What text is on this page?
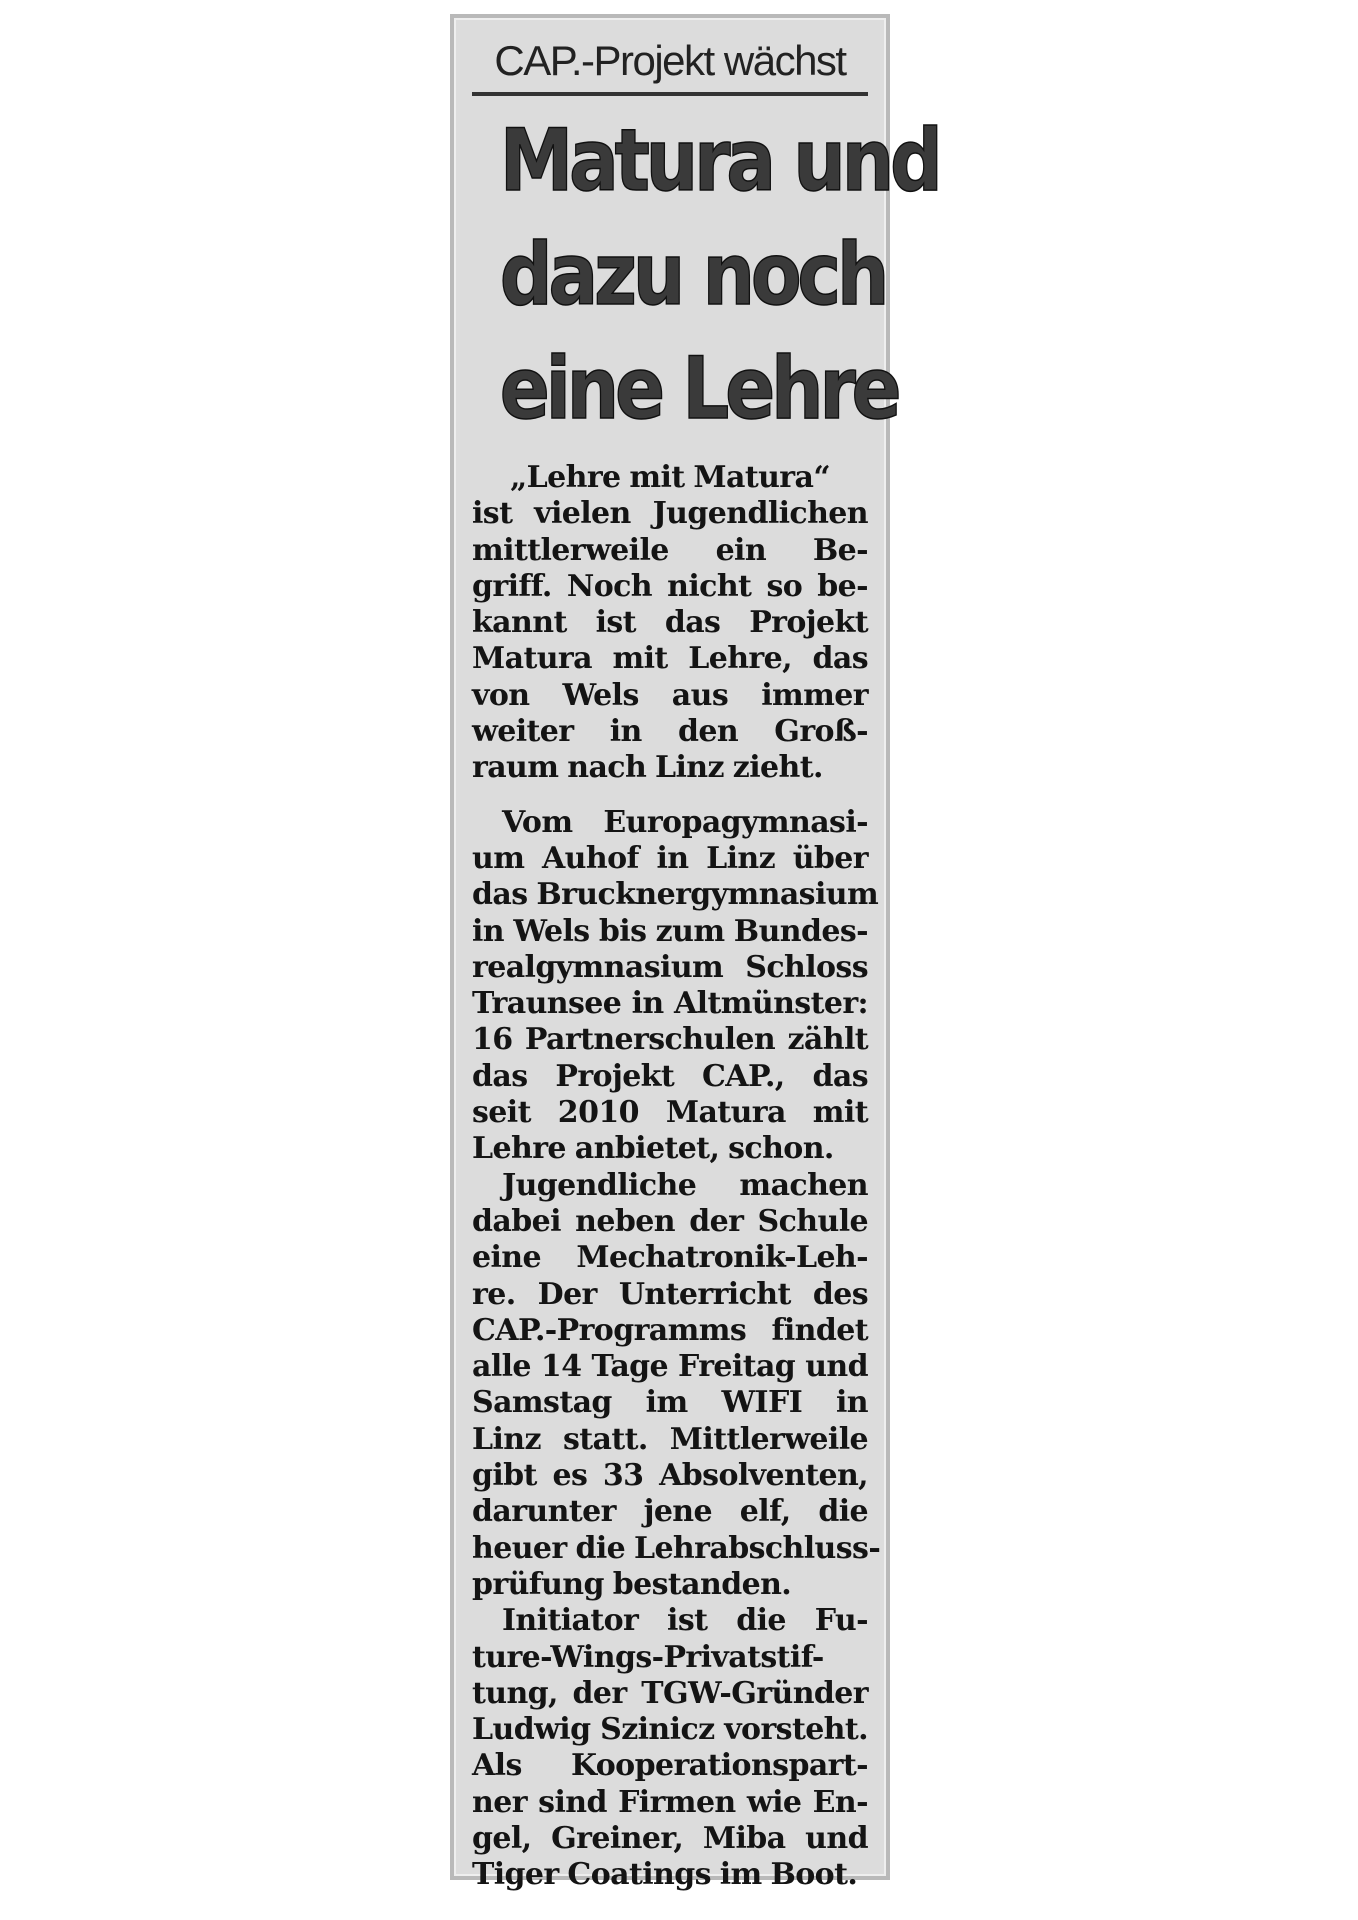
CAP.-Projekt wächst
Matura und
dazu noch
eine Lehre
„Lehre mit Matura“
ist vielen Jugendlichen
mittlerweile ein Be-
griff. Noch nicht so be-
kannt ist das Projekt
Matura mit Lehre, das
von Wels aus immer
weiter in den Groß-
raum nach Linz zieht.
Vom Europagymnasi-
um Auhof in Linz über
das Brucknergymnasium
in Wels bis zum Bundes-
realgymnasium Schloss
Traunsee in Altmünster:
16 Partnerschulen zählt
das Projekt CAP., das
seit 2010 Matura mit
Lehre anbietet, schon.
Jugendliche machen
dabei neben der Schule
eine Mechatronik-Leh-
re. Der Unterricht des
CAP.-Programms findet
alle 14 Tage Freitag und
Samstag im WIFI in
Linz statt. Mittlerweile
gibt es 33 Absolventen,
darunter jene elf, die
heuer die Lehrabschluss-
prüfung bestanden.
Initiator ist die Fu-
ture-Wings-Privatstif-
tung, der TGW-Gründer
Ludwig Szinicz vorsteht.
Als Kooperationspart-
ner sind Firmen wie En-
gel, Greiner, Miba und
Tiger Coatings im Boot.
